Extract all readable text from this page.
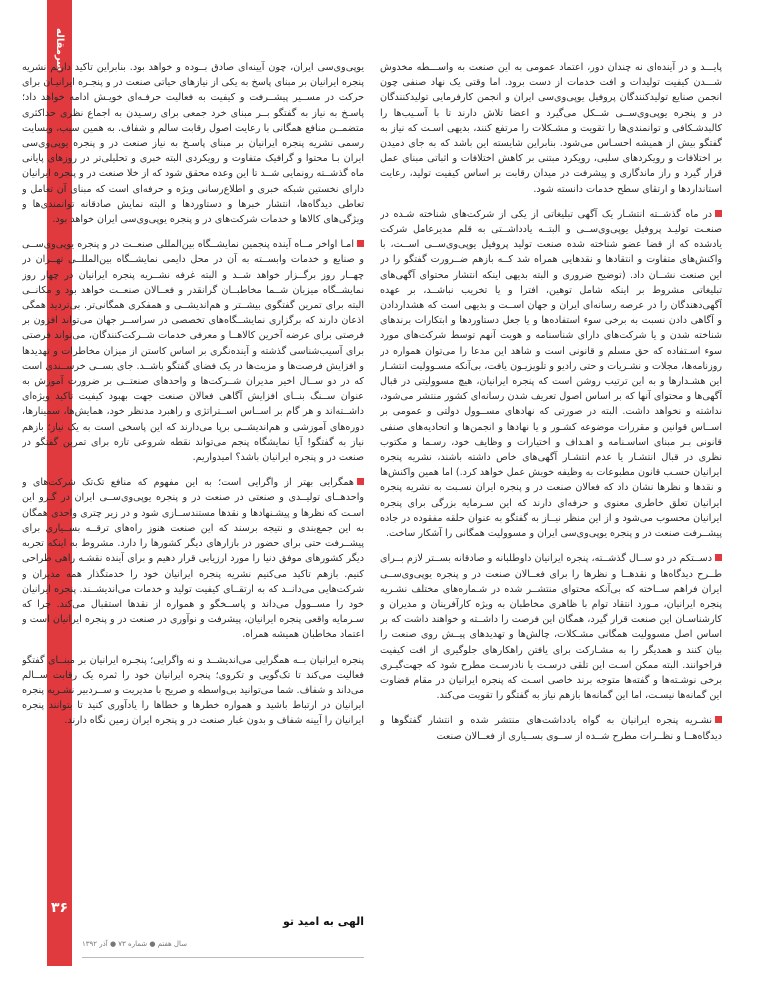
سرمقاله
۳۶

پایـــد و در آینده‌ای نه چندان دور، اعتماد عمومی به این صنعت به واســـطه مخدوش شـــدن کیفیت تولیدات و افت خدمات از دست برود. اما وقتی یک نهاد صنفی چون انجمن صنایع تولیدکنندگان پروفیل یوپی‌وی‌سی ایران و انجمن کارفرمایی تولیدکنندگان در و پنجره یوپی‌وی‌ســی شــکل می‌گیرد و اعضا تلاش دارند تا با آسـیب‌ها را کالبدشـکافی و توانمندی‌ها را تقویت و مشـکلات را مرتفع کنند، بدیهی اسـت که نیاز به گفتگو بیش از همیشه احسـاس می‌شود. بنابراین شایسته این باشد که به جای دمیدن بر اختلافات و رویکردهای سلبی، رویکرد مبتنی بر کاهش اختلافات و اثباتی مبنای عمل قرار گیرد و راز ماندگاری و پیشرفت در میدان رقابت بر اساس کیفیت تولید، رعایت استانداردها و ارتقای سطح خدمات دانسته شود.

در ماه گذشــته انتشـار یک آگهی تبلیغاتی از یکی از شرکت‌های شناخته شـده در صنعـت تولیـد پروفیل یوپی‌وی‌ســی و البتــه یادداشــتی به قلم مدیرعامل شرکت یادشده که از قضا عضو شناخته شده صنعت تولید پروفیل یوپی‌وی‌ســی اســت، با واکنش‌های متفاوت و انتقادها و نقدهایی همراه شد کــه بازهم ضــرورت گفتگو را در این صنعت نشــان داد. (توضیح ضروری و البته بدیهی اینکه انتشار محتوای آگهی‌های تبلیغاتی مشروط بر اینکه شامل توهین، افترا و یا تخریب نباشــد، بر عهده آگهی‌دهندگان را در عرصه رسانه‌ای ایران و جهان اســت و بدیهی است که هشداردادن و آگاهی دادن نسبت به برخی سوء استفاده‌ها و یا جعل دستاوردها و ابتکارات برندهای شناخته شدن و یا شرکت‌های دارای شناسنامه و هویت آنهم توسط شرکت‌های مورد سوء اسـتفاده که حق مسلم و قانونی است و شاهد این مدعا را می‌توان همواره در روزنامه‌ها، مجلات و نشـریات و حتی رادیو و تلویزیـون یافت، بی‌آنکه مسـوولیت انتشـار این هشـدارها و به این ترتیب روشن است که پنجره ایرانیان، هیچ مسوولیتی در قبال آگهی‌ها و محتوای آنها که بر اساس اصول تعریف شدن رسانه‌ای کشور منتشر می‌شود، نداشته و نخواهد داشت. البته در صورتی که نهادهای مســوول دولتی و عمومی بر اســاس قوانین و مقررات موضوعه کشـور و یا نهادها و انجمن‌ها و اتحادیه‌های صنفی قانونی بـر مبنای اساسـنامه و اهـداف و اختیارات و وظایف خود، رسـما و مکتوب نظری در قبال انتشـار یا عدم انتشـار آگهی‌های خاص داشته باشند، نشریه پنجره ایرانیان حسـب قانون مطبوعات به وظیفه خویش عمل خواهد کرد.) اما همین واکنش‌ها و نقدها و نظرها نشان داد که فعالان صنعت در و پنجره ایران نسـبت به نشریه پنجره ایرانیان تعلق خاطری معنوی و حرفه‌ای دارند که این سـرمایه بزرگی برای پنجره ایرانیان محسوب می‌شود و از این منظر نیــاز به گفتگو به عنوان حلقه مفقوده در جاده پیشــرفت صنعت در و پنجره یوپی‌وی‌سی ایران و مسوولیت همگانی را آشکار ساخت.

دســتکم در دو ســال گذشــته، پنجره ایرانیان داوطلبانه و صادقانه بســتر لازم بــرای طــرح دیدگاه‌ها و نقدهــا و نظرها را برای فعــالان صنعت در و پنجره یوپی‌وی‌ســی ایران فراهم ســاخته که بی‌آنکه محتوای منتشــر شده در شـماره‌های مختلف نشـریه پنجره ایرانیان، مـورد انتقاد توام با ظاهری مخاطبان به ویژه کارآفرینان و مدیران و کارشناسـان این صنعت قرار گیرد، همگان این فرصت را داشــته و خواهند داشت که بر اساس اصل مسوولیت همگانی مشـکلات، چالش‌ها و تهدیدهای پیــش روی صنعت را بیان کنند و همدیگر را به مشـارکت برای یافتن راهکارهای جلوگیری از افت کیفیت فراخوانند. البته ممکن اسـت این تلقی درسـت یا نادرسـت مطرح شود که جهت‌گیـری برخی نوشـته‌ها و گفته‌ها متوجه برند خاصی اسـت که پنجره ایرانیان در مقام قضاوت این گمانه‌ها نیسـت، اما این گمانه‌ها بازهم نیاز به گفتگو را تقویت می‌کند.

نشـریه پنجره ایرانیان به گواه یادداشت‌های منتشر شده و انتشار گفتگوها و دیدگاه‌هــا و نظــرات مطرح شــده از ســوی بســیاری از فعــالان صنعت

یوپی‌وی‌سی ایران، چون آیینه‌ای صادق بــوده و خواهد بود. بنابراین تاکید داریم نشریه پنجره ایرانیان بر مبنای پاسخ به یکی از نیازهای حیاتی صنعت در و پنجـره ایرانیـان برای حرکت در مســیر پیشــرفت و کیفیت به فعالیت حرفـه‌ای خویـش ادامه خواهد داد؛ پاسـخ به نیاز به گفتگو بــر مبنای خرد جمعی برای رسـیدن به اجماع نظری حداکثری متضمــن منافع همگانی با رعایت اصول رقابت سالم و شفاف. به همین سبب، وبسایت رسمی نشریه پنجره ایرانیان بر مبنای پاسـخ به نیاز صنعت در و پنجره یوپی‌وی‌سی ایران بـا محتوا و گرافیک متفاوت و رویکردی البته خبری و تحلیلی‌تر در روزهای پایانی ماه گذشــته رونمایی شــد تا این وعده محقق شود که از خلا صنعت در و پنجره ایرانیان دارای نخستین شبکه خبری و اطلاع‌رسانی ویژه و حرفه‌ای است که مبنای آن تعامل و تعاطی دیدگاه‌ها، انتشار خبرها و دستاوردها و البته نمایش صادقانه توانمندی‌ها و ویژگی‌های کالاها و خدمات شرکت‌های در و پنجره یوپی‌وی‌سی ایران خواهد بود.

امـا اواخر مــاه آینده پنجمین نمایشــگاه بین‌المللی صنعــت در و پنجره یوپی‌وی‌ســی و صنایع و خدمات وابســته به آن در محل دایمی نمایشــگاه بین‌المللــی تهــران در چهــار روز برگــزار خواهد شــد و البته غرفه نشــریه پنجره ایرانیان در چهار روز نمایشــگاه میزبان شــما مخاطبــان گرانقدر و فعــالان صنعــت خواهد بود و مکانــی البته برای تمرین گفتگوی بیشــتر و هم‌اندیشــی و همفکری همگانی‌تر. بی‌تردید همگی اذعان دارند که برگزاری نمایشــگاه‌های تخصصی در سراســر جهان می‌تواند افزون بر فرصتی برای عرضه آخرین کالاهــا و معرفی خدمات شــرکت‌کنندگان، می‌تواند فرصتی برای آسیب‌شناسی گذشته و آینده‌نگری بر اساس کاستن از میزان مخاطرات و تهدیدها و افزایش فرصت‌ها و مزیت‌ها در یک فضای گفتگو باشــد. جای بســی خرســندی است که در دو ســال اخیر مدیران شــرکت‌ها و واحدهای صنعتــی بر ضرورت آموزش به عنوان ســنگ بنــای افزایش آگاهی فعالان صنعت جهت بهبود کیفیت تاکید ویژه‌ای داشــته‌اند و هر گام بر اســاس اســتراتژی و راهبرد مدنظر خود، همایش‌ها، سمینارها، دوره‌های آموزشی و هم‌اندیشــی برپا می‌دارند که این پاسخی است به یک نیاز؛ بازهم نیاز به گفتگو! آیا نمایشگاه پنجم می‌تواند نقطه شروعی تازه برای تمرین گفتگو در صنعت در و پنجره ایرانیان باشد؟ امیدواریم.

همگرایی بهتر از واگرایی است؛ به این مفهوم که منافع تک‌تک شرکت‌های و واحدهــای تولیــدی و صنعتی در صنعت در و پنجره یوپی‌وی‌ســی ایران در گـرو این اسـت که نظرها و پیشـنهادها و نقدها مستندســازی شود و در زیر چتری واحدی همگان به این جمع‌بندی و نتیجه برسند که این صنعت هنوز راه‌های ترقــه بســیاری برای پیشــرفت حتی برای حضور در بازارهای دیگر کشورها را دارد. مشروط به اینکه تجربه دیگر کشورهای موفق دنیا را مورد ارزیابی قرار دهیم و برای آینده نقشـه راهی طراحی کنیم. بازهم تاکید می‌کنیم نشریه پنجره ایرانیان خود را خدمتگذار همه مدیران و شرکت‌هایی می‌دانــد که به ارتقــای کیفیت تولید و خدمات می‌اندیشــند. پنجره ایرانیان خود را مســوول می‌داند و پاســخگو و همواره از نقدها استقبال می‌کند. چرا که سـرمایه واقعی پنجره ایرانیان، پیشرفت و نوآوری در صنعت در و پنجره ایرانیان است و اعتماد مخاطبان همیشه همراه.

پنجره ایرانیان بــه همگرایی می‌اندیشــد و نه واگرایی؛ پنجـره ایرانیان بر مبنــای گفتگو فعالیت می‌کند تا تک‌گویی و تکروی؛ پنجره ایرانیان خود را ثمره یک رقابت ســالم می‌داند و شفاف. شما می‌توانید بی‌واسطه و صریح با مدیریت و ســردبیر نشـریه پنجره ایرانیان در ارتباط باشید و همواره خطرها و خطاها را یادآوری کنید تا بتوانند پنجره ایرانیان را آیینه شفاف و بدون غبار صنعت در و پنجره ایران زمین نگاه دارند.

الهی به امید تو
سال هفتم ● شماره ۷۳ ● آذر ۱۳۹۲
